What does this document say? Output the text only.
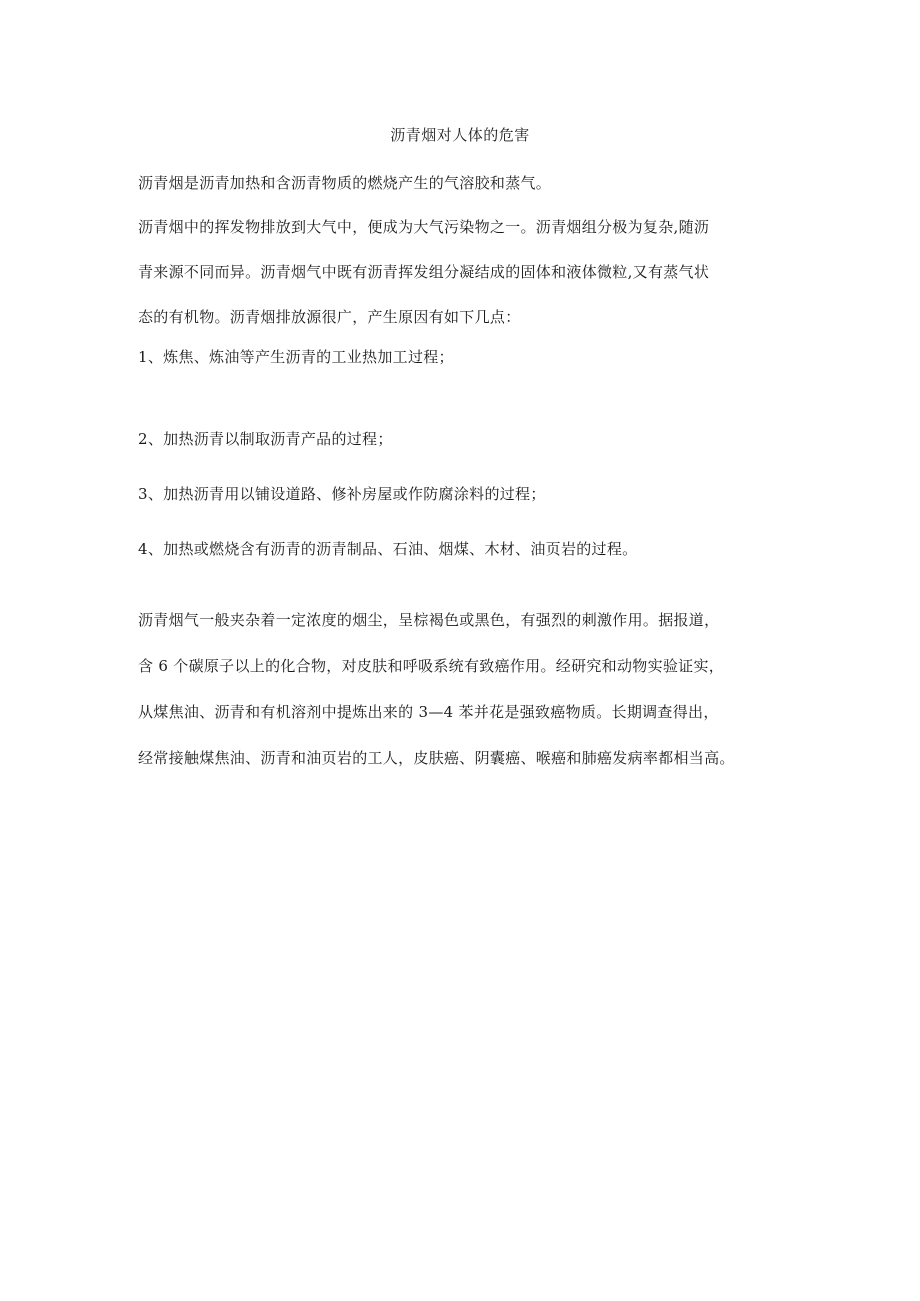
沥青烟对人体的危害
沥青烟是沥青加热和含沥青物质的燃烧产生的气溶胶和蒸气。
沥青烟中的挥发物排放到大气中，便成为大气污染物之一。沥青烟组分极为复杂,随沥
青来源不同而异。沥青烟气中既有沥青挥发组分凝结成的固体和液体微粒,又有蒸气状
态的有机物。沥青烟排放源很广，产生原因有如下几点：
1、炼焦、炼油等产生沥青的工业热加工过程；
2、加热沥青以制取沥青产品的过程；
3、加热沥青用以铺设道路、修补房屋或作防腐涂料的过程；
4、加热或燃烧含有沥青的沥青制品、石油、烟煤、木材、油页岩的过程。
沥青烟气一般夹杂着一定浓度的烟尘，呈棕褐色或黑色，有强烈的刺激作用。据报道，
含 6 个碳原子以上的化合物，对皮肤和呼吸系统有致癌作用。经研究和动物实验证实，
从煤焦油、沥青和有机溶剂中提炼出来的 3—4 苯并花是强致癌物质。长期调查得出，
经常接触煤焦油、沥青和油页岩的工人，皮肤癌、阴囊癌、喉癌和肺癌发病率都相当高。
